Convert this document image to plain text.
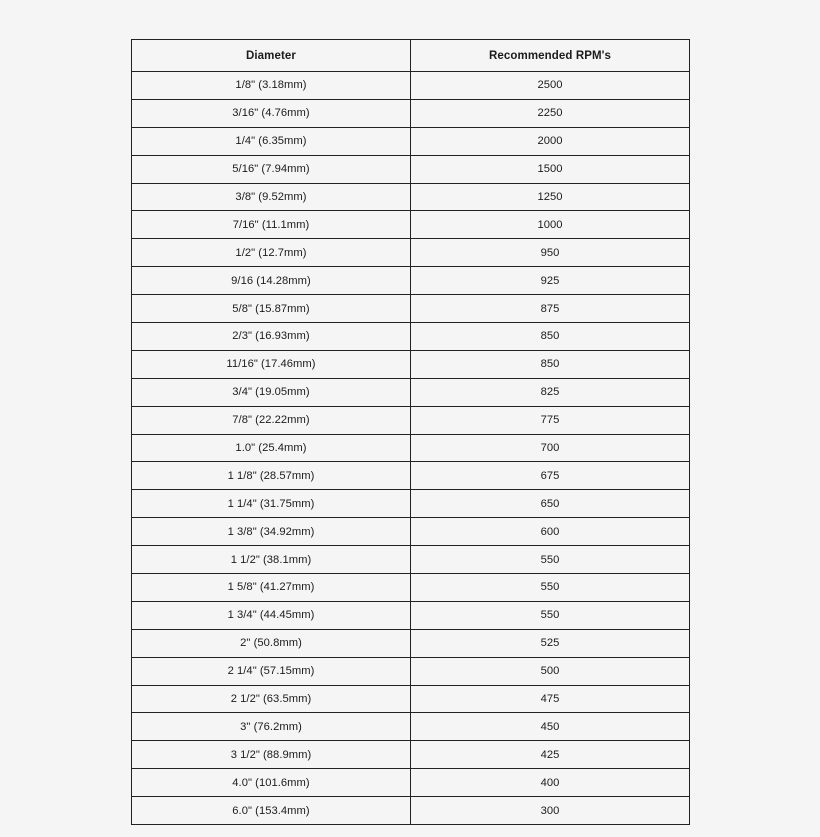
Diameter	Recommended RPM's
1/8" (3.18mm)	2500
3/16" (4.76mm)	2250
1/4" (6.35mm)	2000
5/16" (7.94mm)	1500
3/8" (9.52mm)	1250
7/16" (11.1mm)	1000
1/2" (12.7mm)	950
9/16 (14.28mm)	925
5/8" (15.87mm)	875
2/3" (16.93mm)	850
11/16" (17.46mm)	850
3/4" (19.05mm)	825
7/8" (22.22mm)	775
1.0" (25.4mm)	700
1 1/8" (28.57mm)	675
1 1/4" (31.75mm)	650
1 3/8" (34.92mm)	600
1 1/2" (38.1mm)	550
1 5/8" (41.27mm)	550
1 3/4" (44.45mm)	550
2" (50.8mm)	525
2 1/4" (57.15mm)	500
2 1/2" (63.5mm)	475
3" (76.2mm)	450
3 1/2" (88.9mm)	425
4.0" (101.6mm)	400
6.0" (153.4mm)	300
